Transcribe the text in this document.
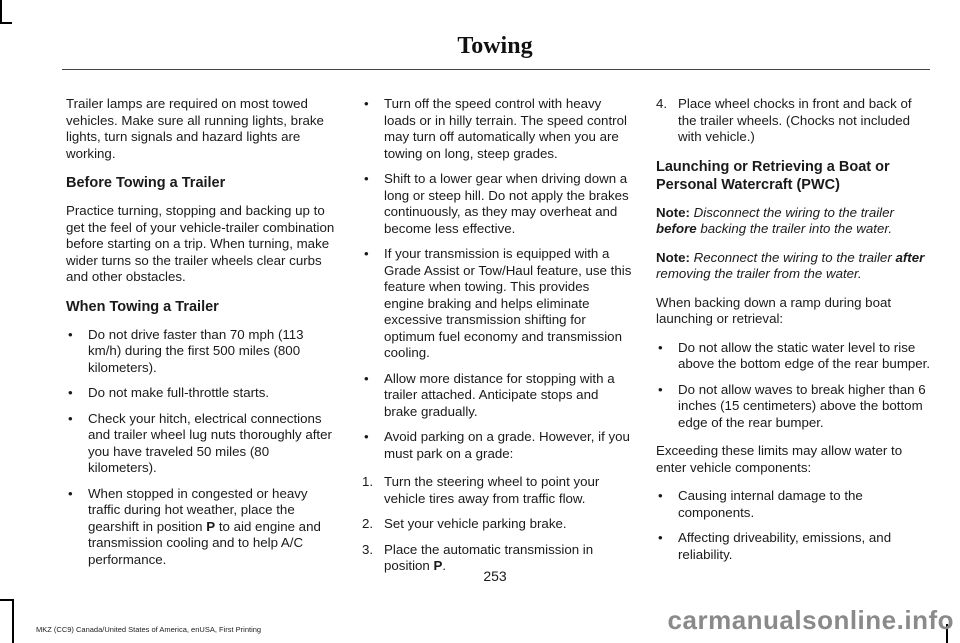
Towing

Trailer lamps are required on most towed vehicles. Make sure all running lights, brake lights, turn signals and hazard lights are working.

Before Towing a Trailer

Practice turning, stopping and backing up to get the feel of your vehicle-trailer combination before starting on a trip. When turning, make wider turns so the trailer wheels clear curbs and other obstacles.

When Towing a Trailer
• Do not drive faster than 70 mph (113 km/h) during the first 500 miles (800 kilometers).
• Do not make full-throttle starts.
• Check your hitch, electrical connections and trailer wheel lug nuts thoroughly after you have traveled 50 miles (80 kilometers).
• When stopped in congested or heavy traffic during hot weather, place the gearshift in position P to aid engine and transmission cooling and to help A/C performance.
• Turn off the speed control with heavy loads or in hilly terrain. The speed control may turn off automatically when you are towing on long, steep grades.
• Shift to a lower gear when driving down a long or steep hill. Do not apply the brakes continuously, as they may overheat and become less effective.
• If your transmission is equipped with a Grade Assist or Tow/Haul feature, use this feature when towing. This provides engine braking and helps eliminate excessive transmission shifting for optimum fuel economy and transmission cooling.
• Allow more distance for stopping with a trailer attached. Anticipate stops and brake gradually.
• Avoid parking on a grade. However, if you must park on a grade:
1. Turn the steering wheel to point your vehicle tires away from traffic flow.
2. Set your vehicle parking brake.
3. Place the automatic transmission in position P.
4. Place wheel chocks in front and back of the trailer wheels. (Chocks not included with vehicle.)
Launching or Retrieving a Boat or Personal Watercraft (PWC)

Note: Disconnect the wiring to the trailer before backing the trailer into the water.

Note: Reconnect the wiring to the trailer after removing the trailer from the water.

When backing down a ramp during boat launching or retrieval:

• Do not allow the static water level to rise above the bottom edge of the rear bumper.
• Do not allow waves to break higher than 6 inches (15 centimeters) above the bottom edge of the rear bumper.

Exceeding these limits may allow water to enter vehicle components:

• Causing internal damage to the components.
• Affecting driveability, emissions, and reliability.
253
MKZ (CC9) Canada/United States of America, enUSA, First Printing	carmanualsonline.info
